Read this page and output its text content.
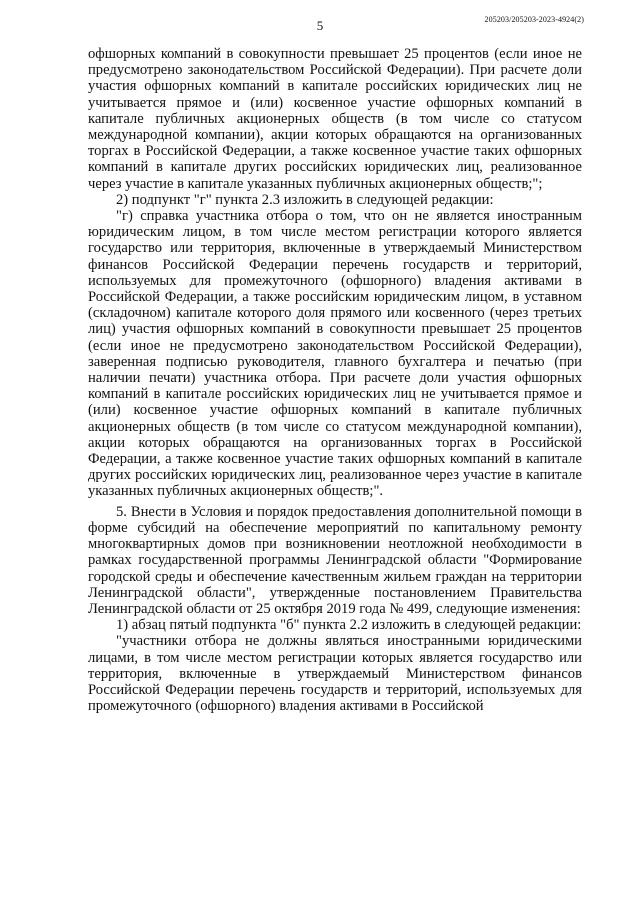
5	205203/205203-2023-4924(2)

офшорных компаний в совокупности превышает 25 процентов (если иное не предусмотрено законодательством Российской Федерации). При расчете доли участия офшорных компаний в капитале российских юридических лиц не учитывается прямое и (или) косвенное участие офшорных компаний в капитале публичных акционерных обществ (в том числе со статусом международной компании), акции которых обращаются на организованных торгах в Российской Федерации, а также косвенное участие таких офшорных компаний в капитале других российских юридических лиц, реализованное через участие в капитале указанных публичных акционерных обществ;";

2) подпункт "г" пункта 2.3 изложить в следующей редакции:

"г) справка участника отбора о том, что он не является иностранным юридическим лицом, в том числе местом регистрации которого является государство или территория, включенные в утверждаемый Министерством финансов Российской Федерации перечень государств и территорий, используемых для промежуточного (офшорного) владения активами в Российской Федерации, а также российским юридическим лицом, в уставном (складочном) капитале которого доля прямого или косвенного (через третьих лиц) участия офшорных компаний в совокупности превышает 25 процентов (если иное не предусмотрено законодательством Российской Федерации), заверенная подписью руководителя, главного бухгалтера и печатью (при наличии печати) участника отбора. При расчете доли участия офшорных компаний в капитале российских юридических лиц не учитывается прямое и (или) косвенное участие офшорных компаний в капитале публичных акционерных обществ (в том числе со статусом международной компании), акции которых обращаются на организованных торгах в Российской Федерации, а также косвенное участие таких офшорных компаний в капитале других российских юридических лиц, реализованное через участие в капитале указанных публичных акционерных обществ;".

5. Внести в Условия и порядок предоставления дополнительной помощи в форме субсидий на обеспечение мероприятий по капитальному ремонту многоквартирных домов при возникновении неотложной необходимости в рамках государственной программы Ленинградской области "Формирование городской среды и обеспечение качественным жильем граждан на территории Ленинградской области", утвержденные постановлением Правительства Ленинградской области от 25 октября 2019 года № 499, следующие изменения:

1) абзац пятый подпункта "б" пункта 2.2 изложить в следующей редакции:

"участники отбора не должны являться иностранными юридическими лицами, в том числе местом регистрации которых является государство или территория, включенные в утверждаемый Министерством финансов Российской Федерации перечень государств и территорий, используемых для промежуточного (офшорного) владения активами в Российской
